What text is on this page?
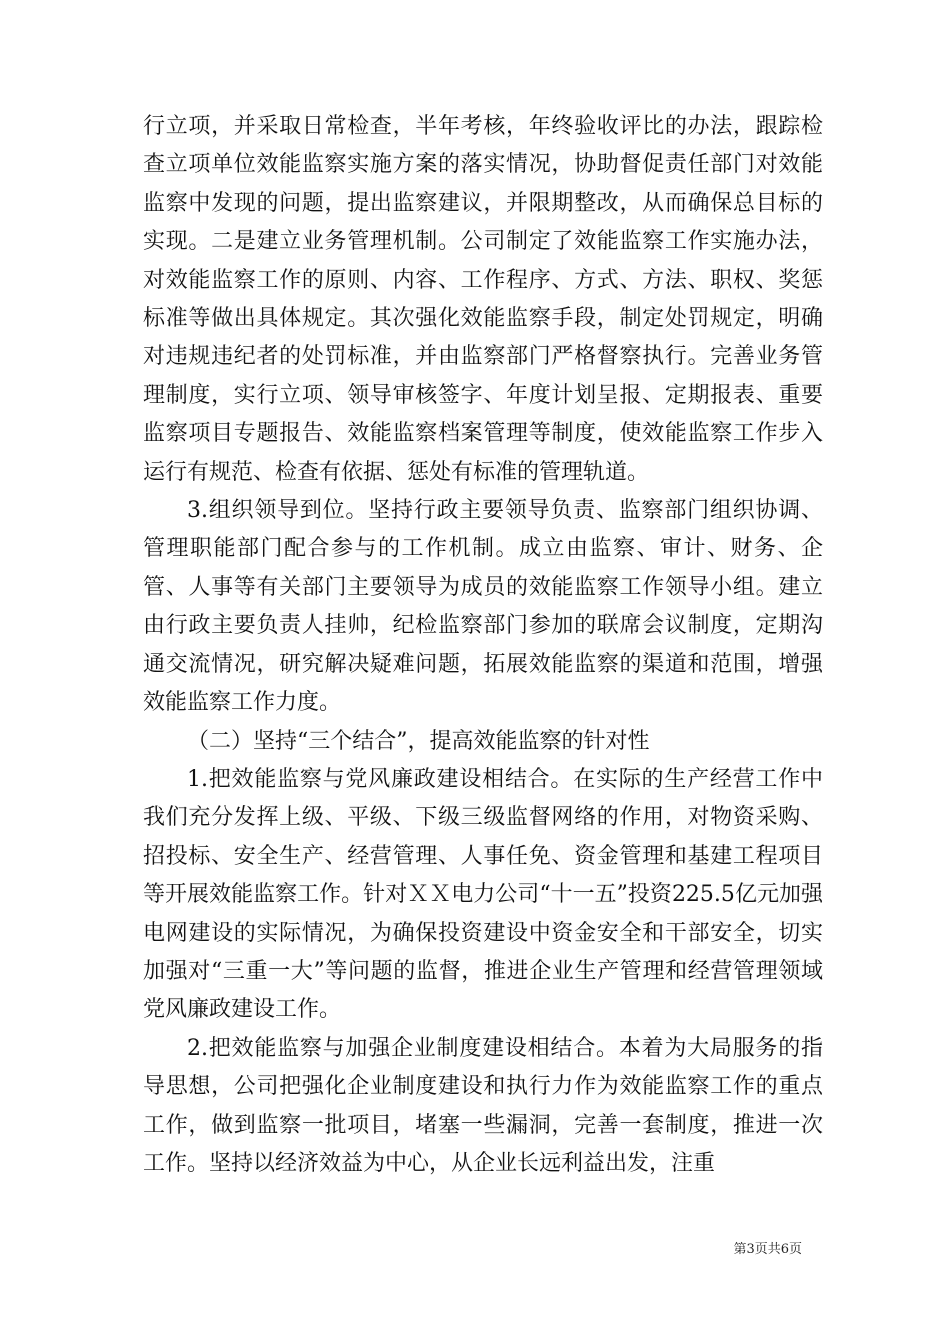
行立项，并采取日常检查，半年考核，年终验收评比的办法，跟踪检查立项单位效能监察实施方案的落实情况，协助督促责任部门对效能监察中发现的问题，提出监察建议，并限期整改，从而确保总目标的实现。二是建立业务管理机制。公司制定了效能监察工作实施办法，对效能监察工作的原则、内容、工作程序、方式、方法、职权、奖惩标准等做出具体规定。其次强化效能监察手段，制定处罚规定，明确对违规违纪者的处罚标准，并由监察部门严格督察执行。完善业务管理制度，实行立项、领导审核签字、年度计划呈报、定期报表、重要监察项目专题报告、效能监察档案管理等制度，使效能监察工作步入运行有规范、检查有依据、惩处有标准的管理轨道。

3.组织领导到位。坚持行政主要领导负责、监察部门组织协调、管理职能部门配合参与的工作机制。成立由监察、审计、财务、企管、人事等有关部门主要领导为成员的效能监察工作领导小组。建立由行政主要负责人挂帅，纪检监察部门参加的联席会议制度，定期沟通交流情况，研究解决疑难问题，拓展效能监察的渠道和范围，增强效能监察工作力度。

（二）坚持“三个结合”，提高效能监察的针对性

1.把效能监察与党风廉政建设相结合。在实际的生产经营工作中我们充分发挥上级、平级、下级三级监督网络的作用，对物资采购、招投标、安全生产、经营管理、人事任免、资金管理和基建工程项目等开展效能监察工作。针对ＸＸ电力公司“十一五”投资225.5亿元加强电网建设的实际情况，为确保投资建设中资金安全和干部安全，切实加强对“三重一大”等问题的监督，推进企业生产管理和经营管理领域党风廉政建设工作。

2.把效能监察与加强企业制度建设相结合。本着为大局服务的指导思想，公司把强化企业制度建设和执行力作为效能监察工作的重点工作，做到监察一批项目，堵塞一些漏洞，完善一套制度，推进一次工作。坚持以经济效益为中心，从企业长远利益出发，注重

第3页共6页
